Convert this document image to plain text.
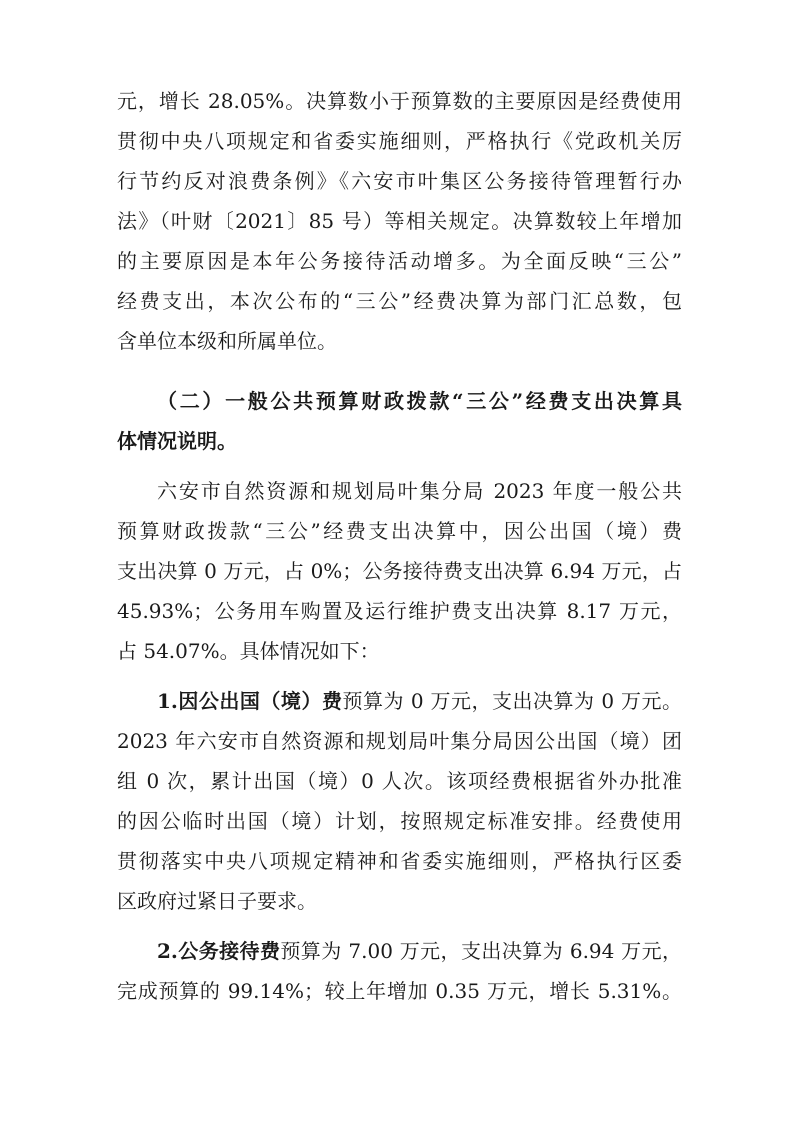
元，增长 28.05%。决算数小于预算数的主要原因是经费使用
贯彻中央八项规定和省委实施细则，严格执行《党政机关厉
行节约反对浪费条例》《六安市叶集区公务接待管理暂行办
法》（叶财〔2021〕85 号）等相关规定。决算数较上年增加
的主要原因是本年公务接待活动增多。为全面反映“三公”
经费支出，本次公布的“三公”经费决算为部门汇总数，包
含单位本级和所属单位。
（二）一般公共预算财政拨款“三公”经费支出决算具
体情况说明。
六安市自然资源和规划局叶集分局 2023 年度一般公共
预算财政拨款“三公”经费支出决算中，因公出国（境）费
支出决算 0 万元，占 0%；公务接待费支出决算 6.94 万元，占
45.93%；公务用车购置及运行维护费支出决算 8.17 万元，
占 54.07%。具体情况如下：
1.因公出国（境）费预算为 0 万元，支出决算为 0 万元。
2023 年六安市自然资源和规划局叶集分局因公出国（境）团
组 0 次，累计出国（境）0 人次。该项经费根据省外办批准
的因公临时出国（境）计划，按照规定标准安排。经费使用
贯彻落实中央八项规定精神和省委实施细则，严格执行区委
区政府过紧日子要求。
2.公务接待费预算为 7.00 万元，支出决算为 6.94 万元，
完成预算的 99.14%；较上年增加 0.35 万元，增长 5.31%。
